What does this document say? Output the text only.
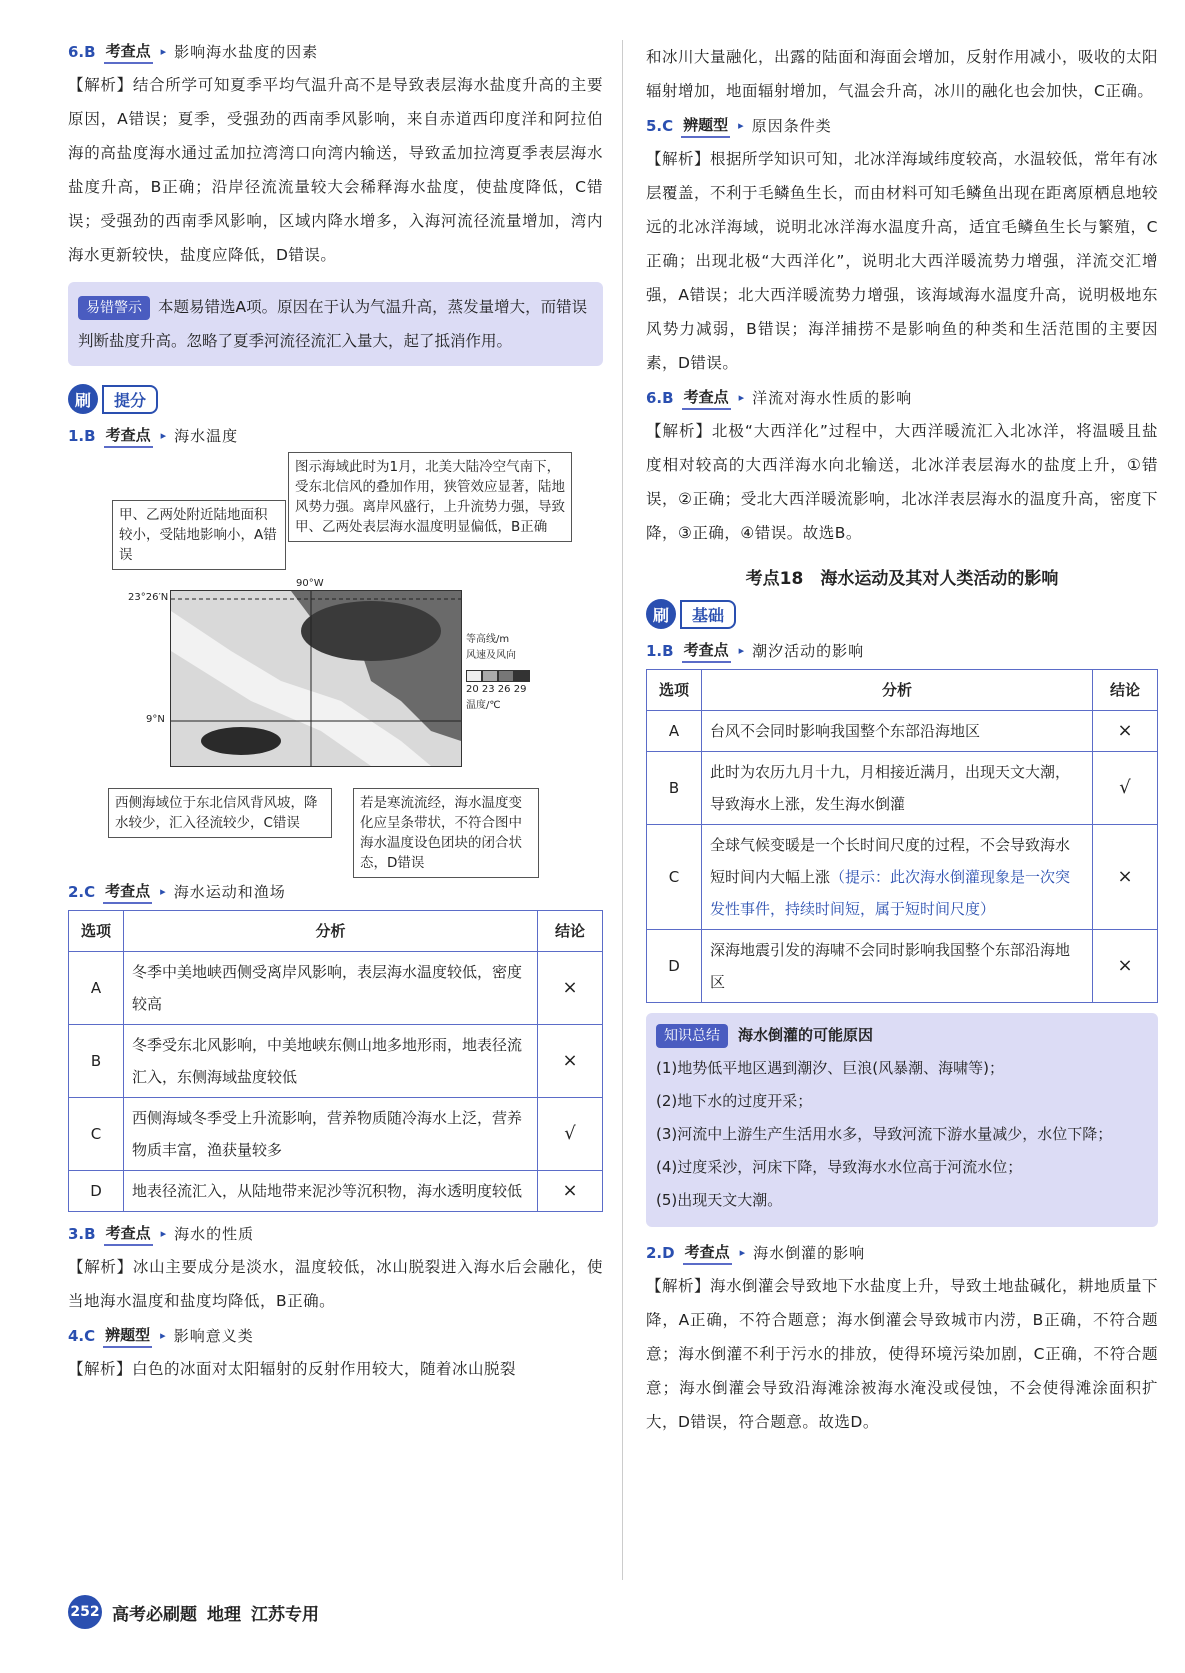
6.B 考查点 ▸ 影响海水盐度的因素

【解析】结合所学可知夏季平均气温升高不是导致表层海水盐度升高的主要原因，A错误；夏季，受强劲的西南季风影响，来自赤道西印度洋和阿拉伯海的高盐度海水通过孟加拉湾湾口向湾内输送，导致孟加拉湾夏季表层海水盐度升高，B正确；沿岸径流流量较大会稀释海水盐度，使盐度降低，C错误；受强劲的西南季风影响，区域内降水增多，入海河流径流量增加，湾内海水更新较快，盐度应降低，D错误。

易错警示 本题易错选A项。原因在于认为气温升高，蒸发量增大，而错误判断盐度升高。忽略了夏季河流径流汇入量大，起了抵消作用。
刷	提分
1.B 考查点 ▸ 海水温度
图示海域此时为1月，北美大陆冷空气南下，受东北信风的叠加作用，狭管效应显著，陆地风势力强。离岸风盛行，上升流势力强，导致甲、乙两处表层海水温度明显偏低，B正确
甲、乙两处附近陆地面积较小，受陆地影响小，A错误
23°26′N
9°N
90°W
等高线/m
风速及风向
20 23 26 29
温度/℃
西侧海域位于东北信风背风坡，降水较少，汇入径流较少，C错误
若是寒流流经，海水温度变化应呈条带状，不符合图中海水温度设色团块的闭合状态，D错误
2.C 考查点 ▸ 海水运动和渔场
选项	分析	结论
A	冬季中美地峡西侧受离岸风影响，表层海水温度较低，密度较高	×
B	冬季受东北风影响，中美地峡东侧山地多地形雨，地表径流汇入，东侧海域盐度较低	×
C	西侧海域冬季受上升流影响，营养物质随冷海水上泛，营养物质丰富，渔获量较多	√
D	地表径流汇入，从陆地带来泥沙等沉积物，海水透明度较低	×
3.B 考查点 ▸ 海水的性质

【解析】冰山主要成分是淡水，温度较低，冰山脱裂进入海水后会融化，使当地海水温度和盐度均降低，B正确。

4.C 辨题型 ▸ 影响意义类

【解析】白色的冰面对太阳辐射的反射作用较大，随着冰山脱裂

和冰川大量融化，出露的陆面和海面会增加，反射作用减小，吸收的太阳辐射增加，地面辐射增加，气温会升高，冰川的融化也会加快，C正确。

5.C 辨题型 ▸ 原因条件类

【解析】根据所学知识可知，北冰洋海域纬度较高，水温较低，常年有冰层覆盖，不利于毛鳞鱼生长，而由材料可知毛鳞鱼出现在距离原栖息地较远的北冰洋海域，说明北冰洋海水温度升高，适宜毛鳞鱼生长与繁殖，C正确；出现北极“大西洋化”，说明北大西洋暖流势力增强，洋流交汇增强，A错误；北大西洋暖流势力增强，该海域海水温度升高，说明极地东风势力减弱，B错误；海洋捕捞不是影响鱼的种类和生活范围的主要因素，D错误。

6.B 考查点 ▸ 洋流对海水性质的影响

【解析】北极“大西洋化”过程中，大西洋暖流汇入北冰洋，将温暖且盐度相对较高的大西洋海水向北输送，北冰洋表层海水的盐度上升，①错误，②正确；受北大西洋暖流影响，北冰洋表层海水的温度升高，密度下降，③正确，④错误。故选B。

考点18　海水运动及其对人类活动的影响
刷	基础
1.B 考查点 ▸ 潮汐活动的影响
选项	分析	结论
A	台风不会同时影响我国整个东部沿海地区	×
B	此时为农历九月十九，月相接近满月，出现天文大潮，导致海水上涨，发生海水倒灌	√
C	全球气候变暖是一个长时间尺度的过程，不会导致海水短时间内大幅上涨（提示：此次海水倒灌现象是一次突发性事件，持续时间短，属于短时间尺度）	×
D	深海地震引发的海啸不会同时影响我国整个东部沿海地区	×
知识总结 海水倒灌的可能原因
(1)地势低平地区遇到潮汐、巨浪(风暴潮、海啸等)；
(2)地下水的过度开采；
(3)河流中上游生产生活用水多，导致河流下游水量减少，水位下降；
(4)过度采沙，河床下降，导致海水水位高于河流水位；
(5)出现天文大潮。
2.D 考查点 ▸ 海水倒灌的影响

【解析】海水倒灌会导致地下水盐度上升，导致土地盐碱化，耕地质量下降，A正确，不符合题意；海水倒灌会导致城市内涝，B正确，不符合题意；海水倒灌不利于污水的排放，使得环境污染加剧，C正确，不符合题意；海水倒灌会导致沿海滩涂被海水淹没或侵蚀，不会使得滩涂面积扩大，D错误，符合题意。故选D。

252 高考必刷题 地理 江苏专用
